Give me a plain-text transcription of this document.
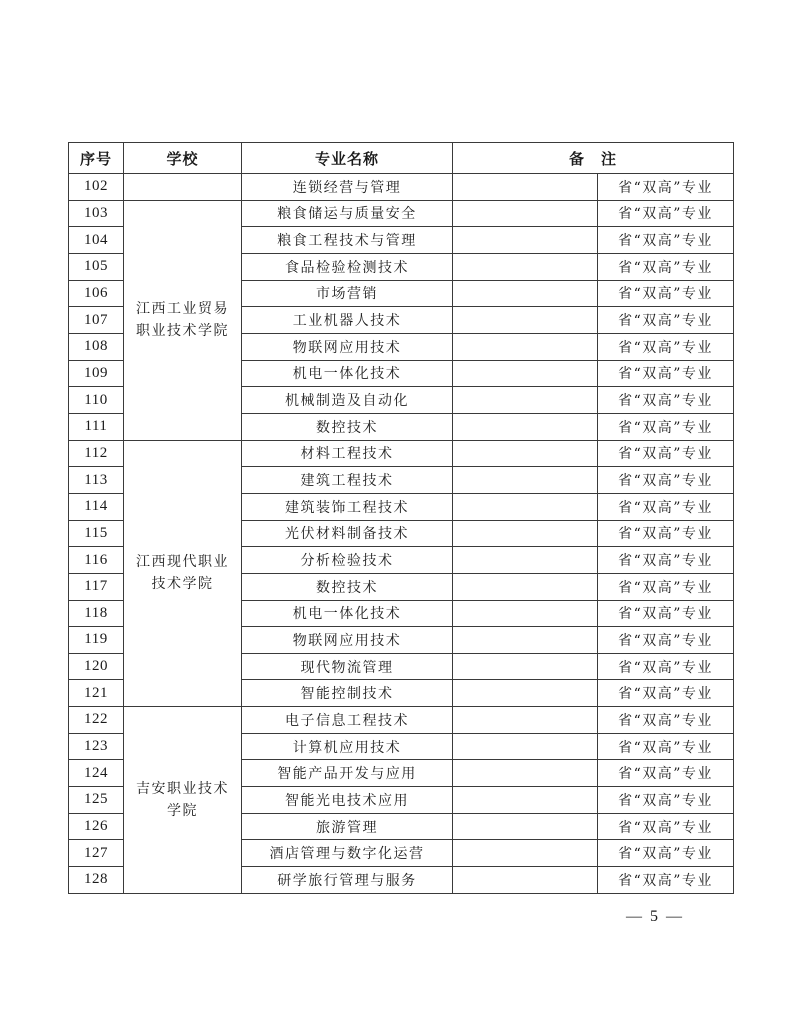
序号	学校	专业名称	备　注	
102		连锁经营与管理		省“双高”专业
103	江西工业贸易职业技术学院	粮食储运与质量安全		省“双高”专业
104		粮食工程技术与管理		省“双高”专业
105		食品检验检测技术		省“双高”专业
106		市场营销		省“双高”专业
107		工业机器人技术		省“双高”专业
108		物联网应用技术		省“双高”专业
109		机电一体化技术		省“双高”专业
110		机械制造及自动化		省“双高”专业
111		数控技术		省“双高”专业
112	江西现代职业技术学院	材料工程技术		省“双高”专业
113		建筑工程技术		省“双高”专业
114		建筑装饰工程技术		省“双高”专业
115		光伏材料制备技术		省“双高”专业
116		分析检验技术		省“双高”专业
117		数控技术		省“双高”专业
118		机电一体化技术		省“双高”专业
119		物联网应用技术		省“双高”专业
120		现代物流管理		省“双高”专业
121		智能控制技术		省“双高”专业
122	吉安职业技术学院	电子信息工程技术		省“双高”专业
123		计算机应用技术		省“双高”专业
124		智能产品开发与应用		省“双高”专业
125		智能光电技术应用		省“双高”专业
126		旅游管理		省“双高”专业
127		酒店管理与数字化运营		省“双高”专业
128		研学旅行管理与服务		省“双高”专业
— 5 —
